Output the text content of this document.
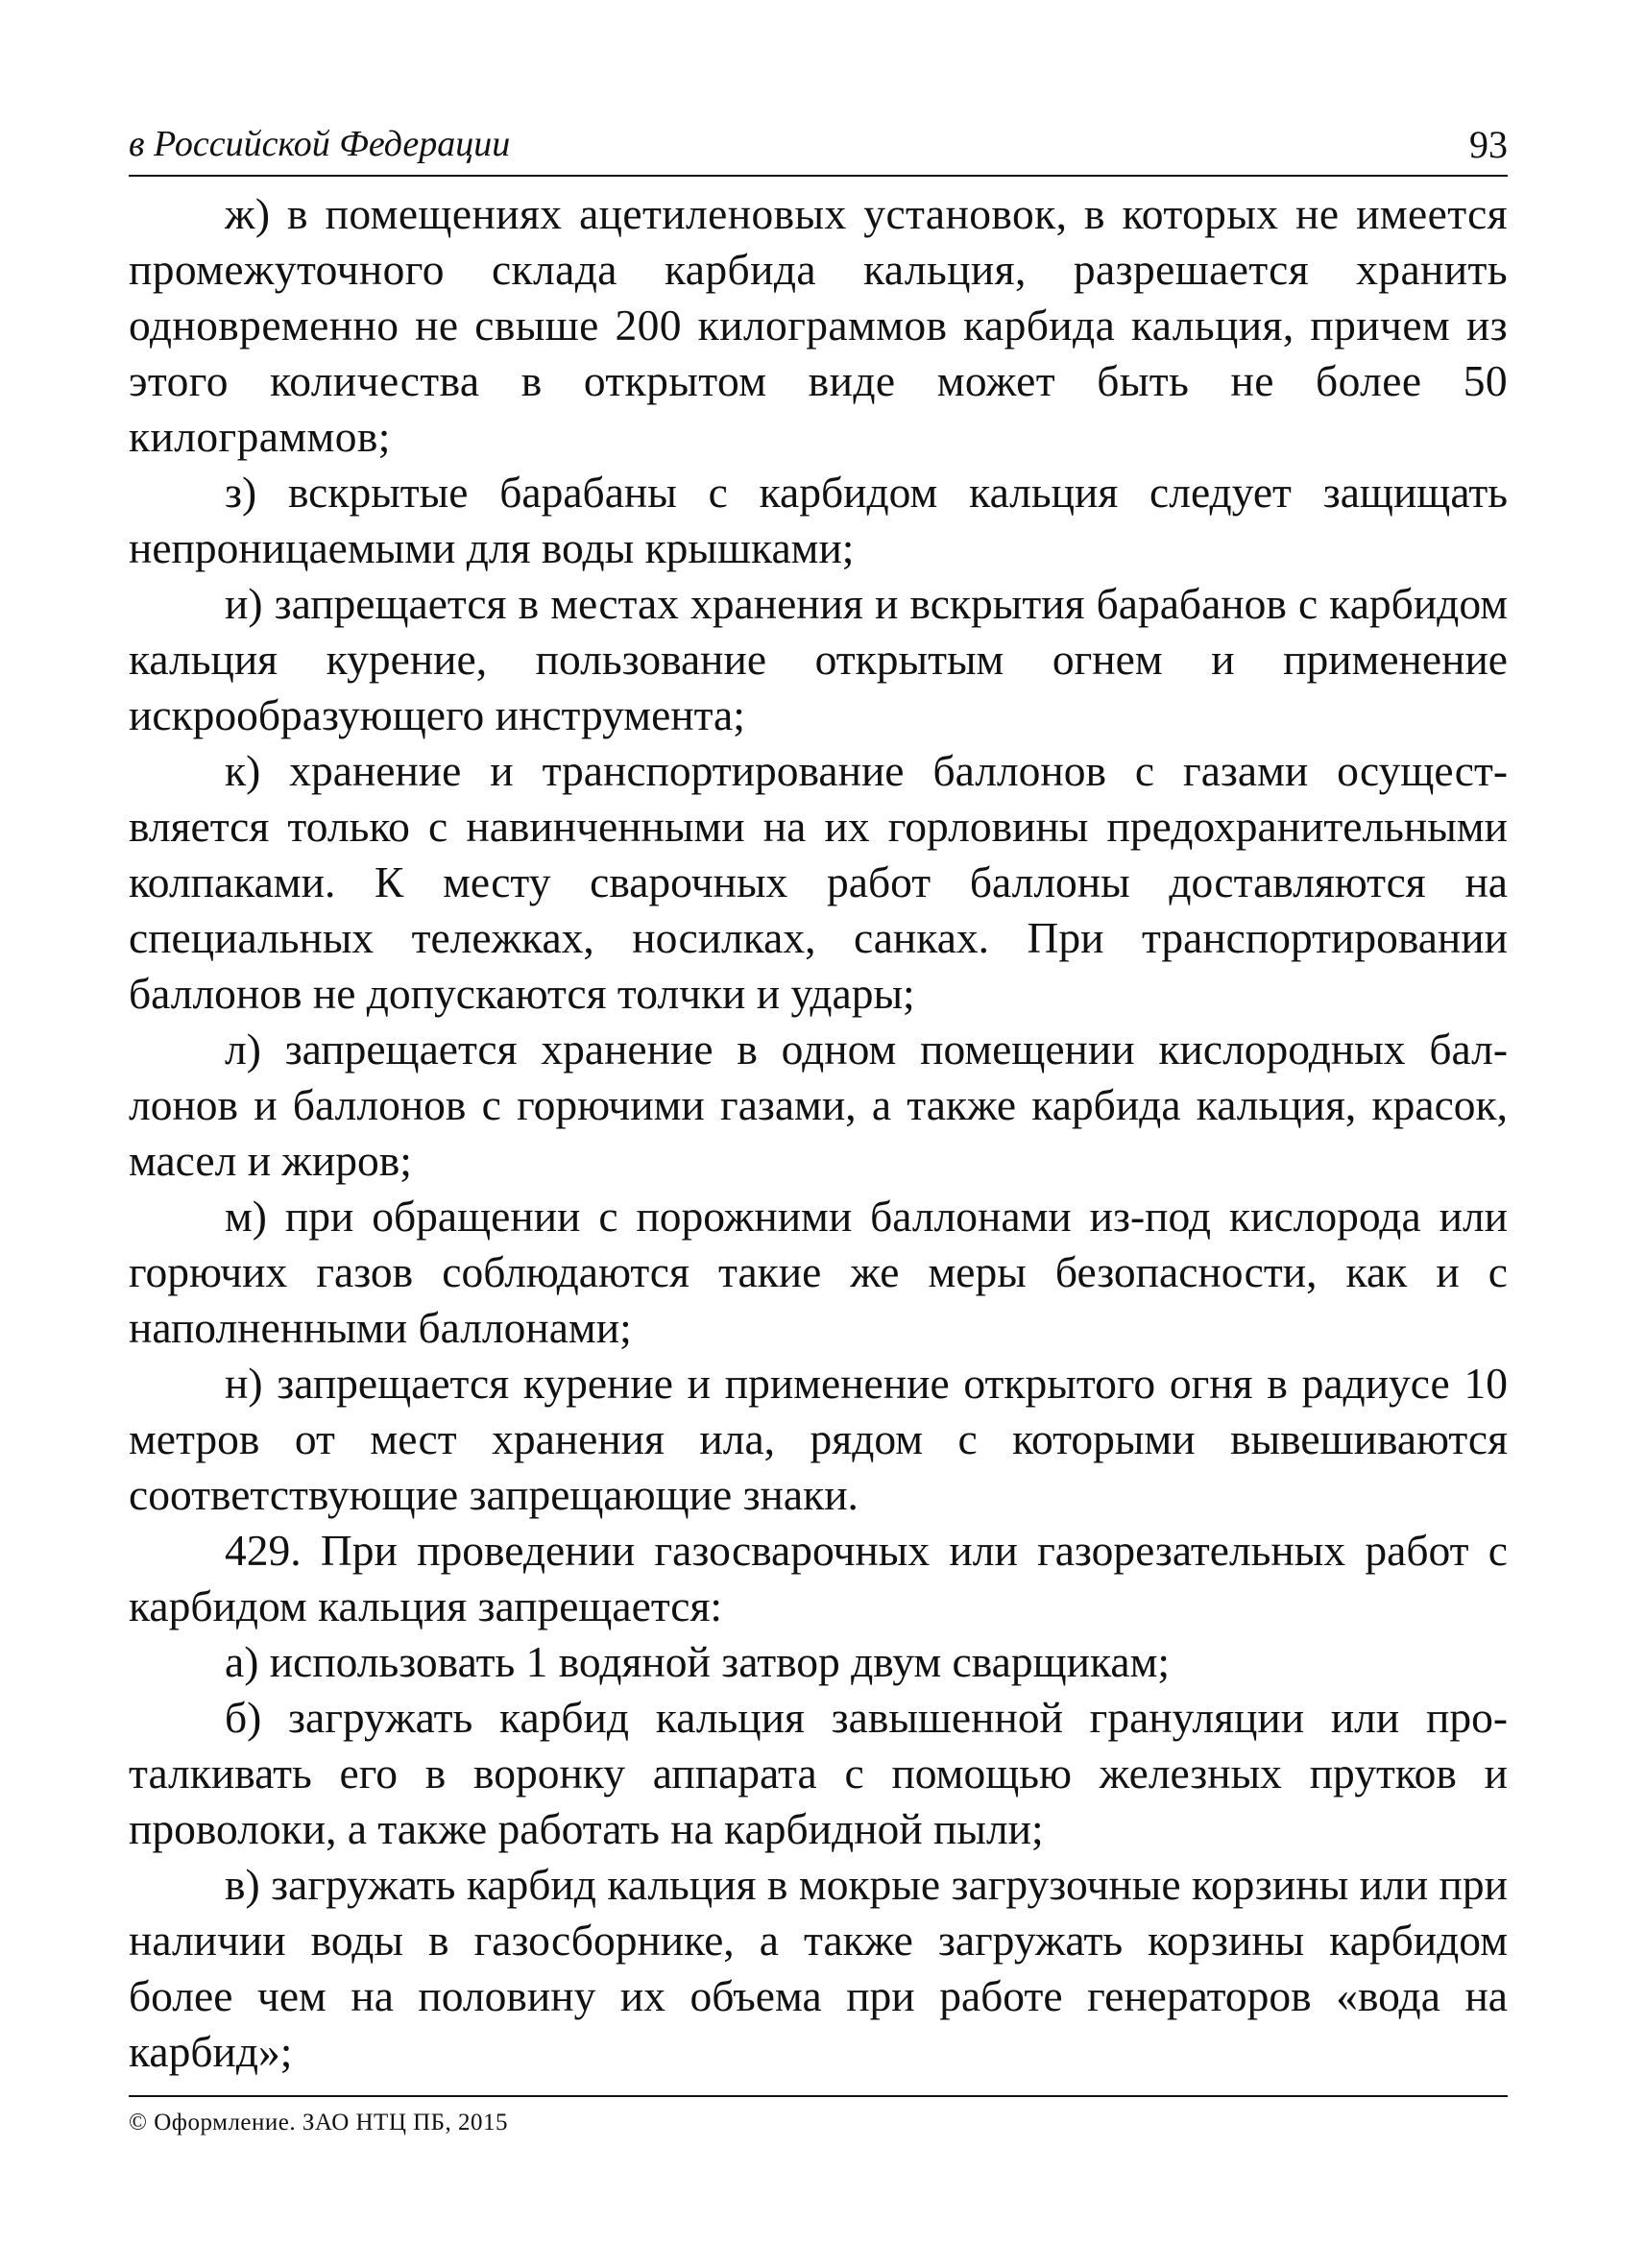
в Российской Федерации	93

ж) в помещениях ацетиленовых установок, в которых не имеется промежуточного склада карбида кальция, разрешается хранить одновременно не свыше 200 килограммов карбида кальция, причем из этого количества в открытом виде может быть не более 50 килограммов;

з) вскрытые барабаны с карбидом кальция следует защищать непроницаемыми для воды крышками;

и) запрещается в местах хранения и вскрытия барабанов с карбидом кальция курение, пользование открытым огнем и применение искрообразующего инструмента;

к) хранение и транспортирование баллонов с газами осуществляется только с навинченными на их горловины предохранительными колпаками. К месту сварочных работ баллоны доставляются на специальных тележках, носилках, санках. При транспортировании баллонов не допускаются толчки и удары;

л) запрещается хранение в одном помещении кислородных баллонов и баллонов с горючими газами, а также карбида кальция, красок, масел и жиров;

м) при обращении с порожними баллонами из-под кислорода или горючих газов соблюдаются такие же меры безопасности, как и с наполненными баллонами;

н) запрещается курение и применение открытого огня в радиусе 10 метров от мест хранения ила, рядом с которыми вывешиваются соответствующие запрещающие знаки.

429. При проведении газосварочных или газорезательных работ с карбидом кальция запрещается:

а) использовать 1 водяной затвор двум сварщикам;

б) загружать карбид кальция завышенной грануляции или проталкивать его в воронку аппарата с помощью железных прутков и проволоки, а также работать на карбидной пыли;

в) загружать карбид кальция в мокрые загрузочные корзины или при наличии воды в газосборнике, а также загружать корзины карбидом более чем на половину их объема при работе генераторов «вода на карбид»;

© Оформление. ЗАО НТЦ ПБ, 2015
